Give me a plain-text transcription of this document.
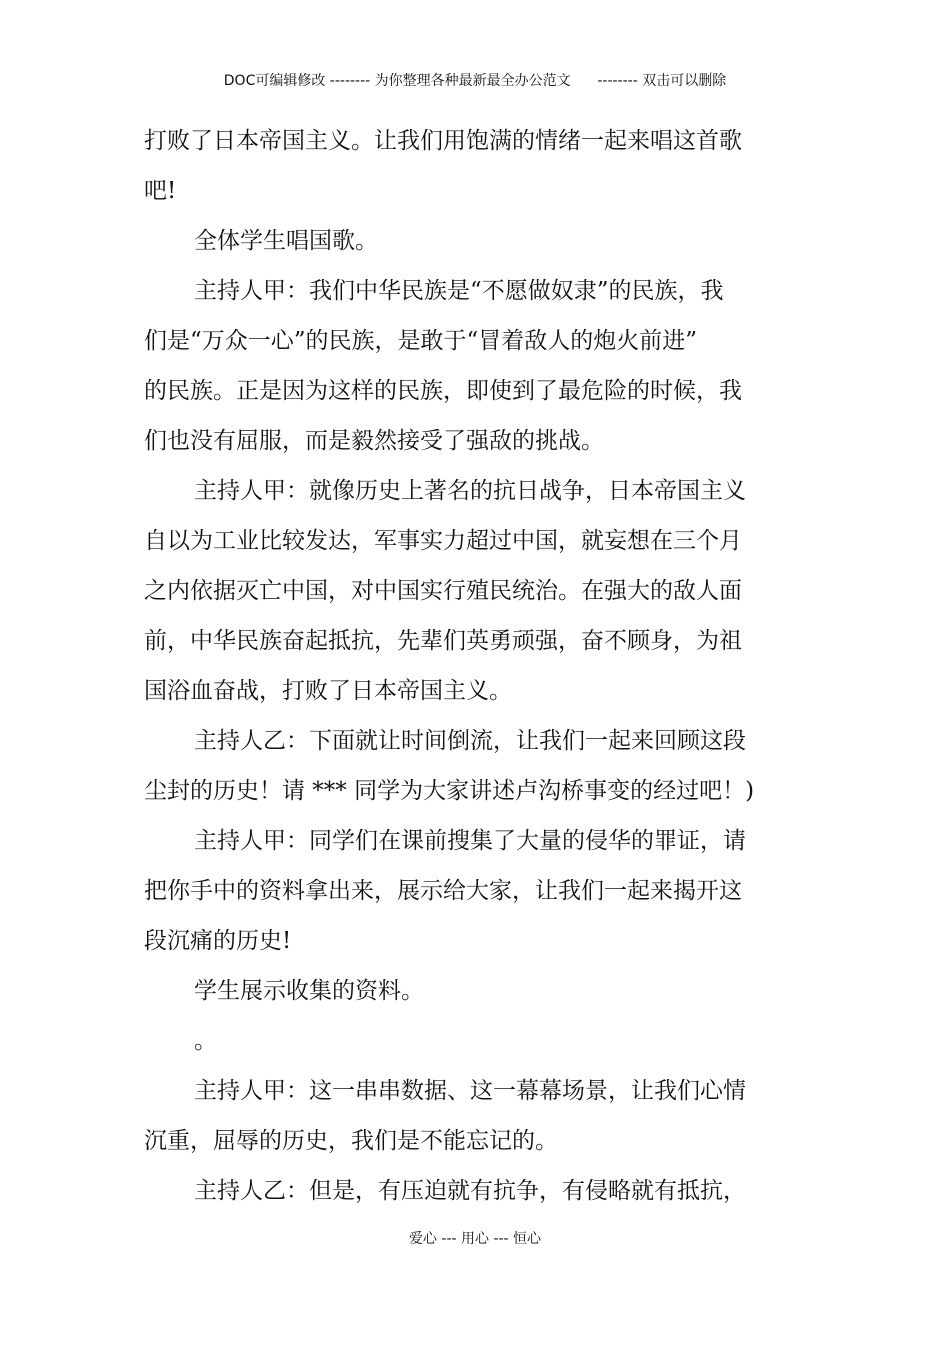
DOC可编辑修改 -------- 为你整理各种最新最全办公范文      -------- 双击可以删除
打败了日本帝国主义。让我们用饱满的情绪一起来唱这首歌
吧!
全体学生唱国歌。
主持人甲：我们中华民族是“不愿做奴隶”的民族，我
们是“万众一心”的民族，是敢于“冒着敌人的炮火前进”
的民族。正是因为这样的民族，即使到了最危险的时候，我
们也没有屈服，而是毅然接受了强敌的挑战。
主持人甲：就像历史上著名的抗日战争，日本帝国主义
自以为工业比较发达，军事实力超过中国，就妄想在三个月
之内依据灭亡中国，对中国实行殖民统治。在强大的敌人面
前，中华民族奋起抵抗，先辈们英勇顽强，奋不顾身，为祖
国浴血奋战，打败了日本帝国主义。
主持人乙：下面就让时间倒流，让我们一起来回顾这段
尘封的历史！请 *** 同学为大家讲述卢沟桥事变的经过吧！)
主持人甲：同学们在课前搜集了大量的侵华的罪证，请
把你手中的资料拿出来，展示给大家，让我们一起来揭开这
段沉痛的历史!
学生展示收集的资料。
。
主持人甲：这一串串数据、这一幕幕场景，让我们心情
沉重，屈辱的历史，我们是不能忘记的。
主持人乙：但是，有压迫就有抗争，有侵略就有抵抗，
爱心 --- 用心 --- 恒心
